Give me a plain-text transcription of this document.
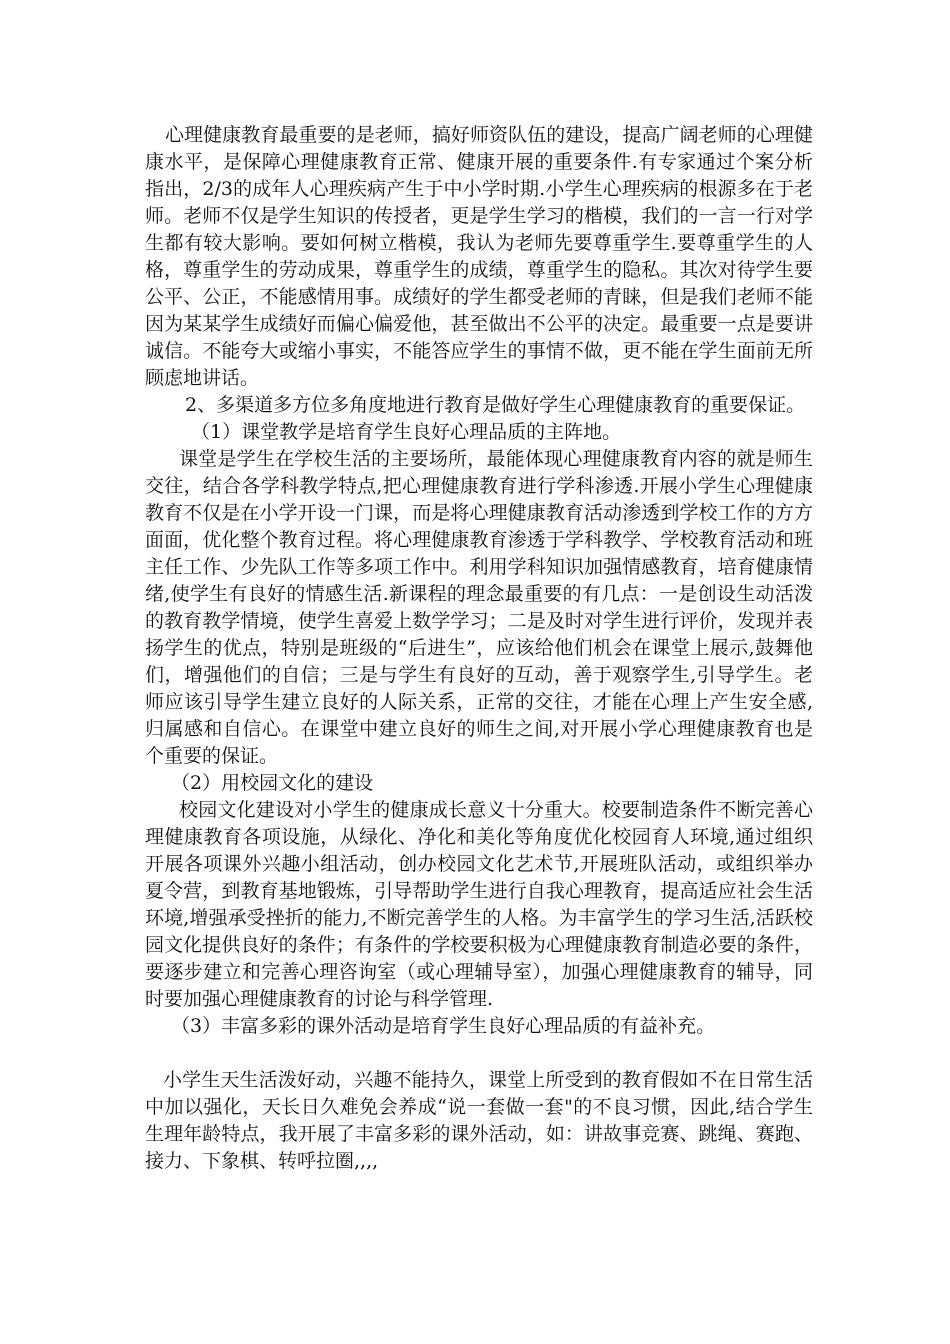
心理健康教育最重要的是老师，搞好师资队伍的建设，提高广阔老师的心理健康水平，是保障心理健康教育正常、健康开展的重要条件.有专家通过个案分析指出，2/3的成年人心理疾病产生于中小学时期.小学生心理疾病的根源多在于老师。老师不仅是学生知识的传授者，更是学生学习的楷模，我们的一言一行对学生都有较大影响。要如何树立楷模，我认为老师先要尊重学生.要尊重学生的人格，尊重学生的劳动成果，尊重学生的成绩，尊重学生的隐私。其次对待学生要公平、公正，不能感情用事。成绩好的学生都受老师的青睐，但是我们老师不能因为某某学生成绩好而偏心偏爱他，甚至做出不公平的决定。最重要一点是要讲诚信。不能夸大或缩小事实，不能答应学生的事情不做，更不能在学生面前无所顾虑地讲话。

2、多渠道多方位多角度地进行教育是做好学生心理健康教育的重要保证。

（1）课堂教学是培育学生良好心理品质的主阵地。

课堂是学生在学校生活的主要场所，最能体现心理健康教育内容的就是师生交往，结合各学科教学特点,把心理健康教育进行学科渗透.开展小学生心理健康教育不仅是在小学开设一门课，而是将心理健康教育活动渗透到学校工作的方方面面，优化整个教育过程。将心理健康教育渗透于学科教学、学校教育活动和班主任工作、少先队工作等多项工作中。利用学科知识加强情感教育，培育健康情绪,使学生有良好的情感生活.新课程的理念最重要的有几点：一是创设生动活泼的教育教学情境，使学生喜爱上数学学习；二是及时对学生进行评价，发现并表扬学生的优点，特别是班级的“后进生”，应该给他们机会在课堂上展示,鼓舞他们，增强他们的自信；三是与学生有良好的互动，善于观察学生,引导学生。老师应该引导学生建立良好的人际关系，正常的交往，才能在心理上产生安全感,归属感和自信心。在课堂中建立良好的师生之间,对开展小学心理健康教育也是个重要的保证。

（2）用校园文化的建设

校园文化建设对小学生的健康成长意义十分重大。校要制造条件不断完善心理健康教育各项设施，从绿化、净化和美化等角度优化校园育人环境,通过组织开展各项课外兴趣小组活动，创办校园文化艺术节,开展班队活动，或组织举办夏令营，到教育基地锻炼，引导帮助学生进行自我心理教育，提高适应社会生活环境,增强承受挫折的能力,不断完善学生的人格。为丰富学生的学习生活,活跃校园文化提供良好的条件；有条件的学校要积极为心理健康教育制造必要的条件，要逐步建立和完善心理咨询室（或心理辅导室），加强心理健康教育的辅导，同时要加强心理健康教育的讨论与科学管理.

（3）丰富多彩的课外活动是培育学生良好心理品质的有益补充。

小学生天生活泼好动，兴趣不能持久，课堂上所受到的教育假如不在日常生活中加以强化，天长日久难免会养成“说一套做一套"的不良习惯，因此,结合学生生理年龄特点，我开展了丰富多彩的课外活动，如：讲故事竞赛、跳绳、赛跑、接力、下象棋、转呼拉圈,,,,
